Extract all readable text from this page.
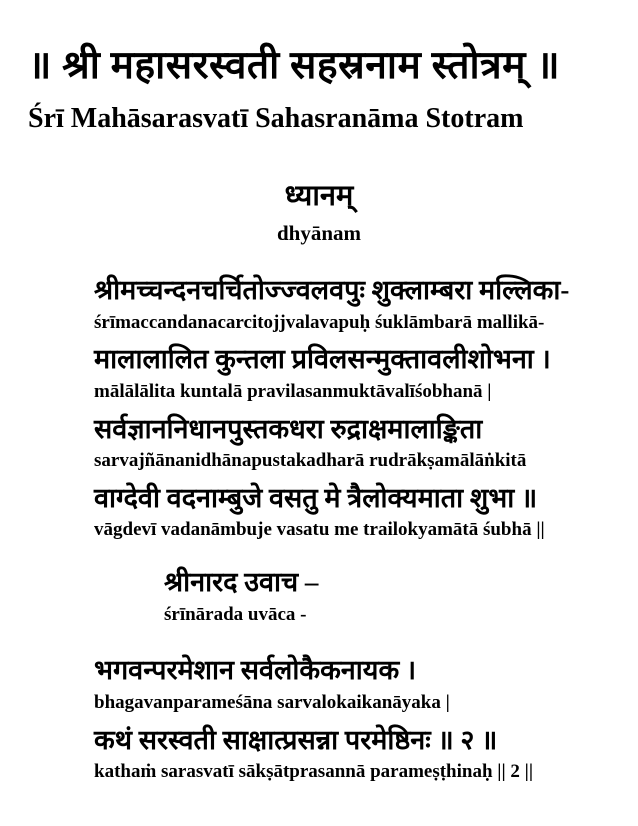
॥ श्री महासरस्वती सहस्रनाम स्तोत्रम् ॥
Śrī Mahāsarasvatī Sahasranāma Stotram
ध्यानम्
dhyānam
श्रीमच्चन्दनचर्चितोज्ज्वलवपुः शुक्लाम्बरा मल्लिका-
śrīmaccandanacarcitojjvalavapuḥ śuklāmbarā mallikā-
मालालालित कुन्तला प्रविलसन्मुक्तावलीशोभना ।
mālālālita kuntalā pravilasanmuktāvalīśobhanā |
सर्वज्ञाननिधानपुस्तकधरा रुद्राक्षमालाङ्किता
sarvajñānanidhānapustakadharā rudrākṣamālāṅkitā
वाग्देवी वदनाम्बुजे वसतु मे त्रैलोक्यमाता शुभा ॥
vāgdevī vadanāmbuje vasatu me trailokyamātā śubhā ||
श्रीनारद उवाच –
śrīnārada uvāca -
भगवन्परमेशान सर्वलोकैकनायक ।
bhagavanparameśāna sarvalokaikanāyaka |
कथं सरस्वती साक्षात्प्रसन्ना परमेष्ठिनः ॥ २ ॥
kathaṁ sarasvatī sākṣātprasannā parameṣṭhinaḥ || 2 ||
